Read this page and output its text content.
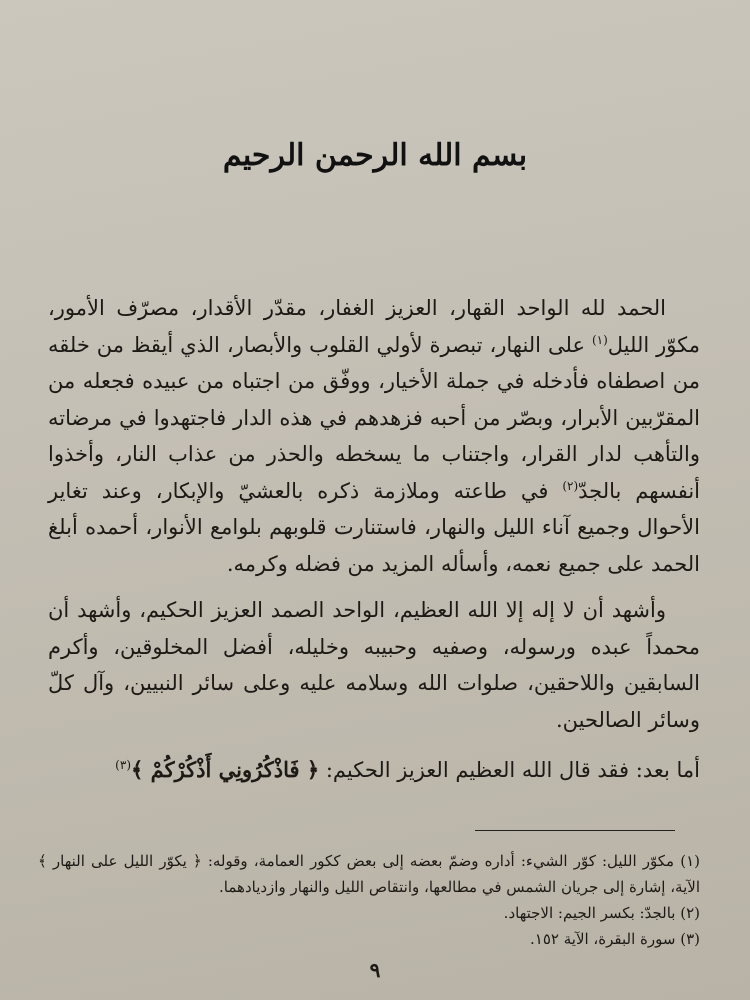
بسم الله الرحمن الرحيم

الحمد لله الواحد القهار، العزيز الغفار، مقدّر الأقدار، مصرّف الأمور، مكوّر الليل$^{(١)}$ على النهار، تبصرة لأولي القلوب والأبصار، الذي أيقظ من خلقه من اصطفاه فأدخله في جملة الأخيار، ووفّق من اجتباه من عبيده فجعله من المقرّبين الأبرار، وبصّر من أحبه فزهدهم في هذه الدار فاجتهدوا في مرضاته والتأهب لدار القرار، واجتناب ما يسخطه والحذر من عذاب النار، وأخذوا أنفسهم بالجدّ$^{(٢)}$ في طاعته وملازمة ذكره بالعشيّ والإبكار، وعند تغاير الأحوال وجميع آناء الليل والنهار، فاستنارت قلوبهم بلوامع الأنوار، أحمده أبلغ الحمد على جميع نعمه، وأسأله المزيد من فضله وكرمه.

وأشهد أن لا إله إلا الله العظيم، الواحد الصمد العزيز الحكيم، وأشهد أن محمداً عبده ورسوله، وصفيه وحبيبه وخليله، أفضل المخلوقين، وأكرم السابقين واللاحقين، صلوات الله وسلامه عليه وعلى سائر النبيين، وآل كلّ وسائر الصالحين.

أما بعد: فقد قال الله العظيم العزيز الحكيم: ﴿ فَاذْكُرُونِي أَذْكُرْكُمْ ﴾$^{(٣)}$

(١) مكوّر الليل: كوّر الشيء: أداره وضمّ بعضه إلى بعض ككور العمامة، وقوله: ﴿ يكوّر الليل على النهار ﴾ الآية، إشارة إلى جريان الشمس في مطالعها، وانتقاص الليل والنهار وازديادهما.

(٢) بالجدّ: بكسر الجيم: الاجتهاد.

(٣) سورة البقرة، الآية ١٥٢.

٩
